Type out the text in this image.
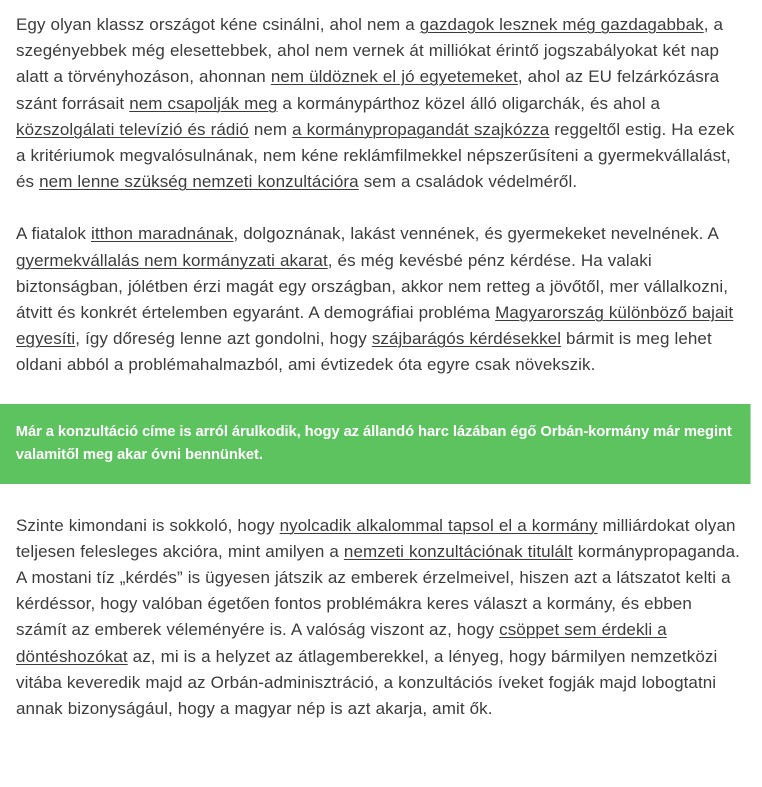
Egy olyan klassz országot kéne csinálni, ahol nem a gazdagok lesznek még gazdagabbak, a szegényebbek még elesettebbek, ahol nem vernek át milliókat érintő jogszabályokat két nap alatt a törvényhozáson, ahonnan nem üldöznek el jó egyetemeket, ahol az EU felzárkózásra szánt forrásait nem csapolják meg a kormánypárthoz közel álló oligarchák, és ahol a közszolgálati televízió és rádió nem a kormánypropagandát szajkózza reggeltől estig. Ha ezek a kritériumok megvalósulnának, nem kéne reklámfilmekkel népszerűsíteni a gyermekvállalást, és nem lenne szükség nemzeti konzultációra sem a családok védelméről.

A fiatalok itthon maradnának, dolgoznának, lakást vennének, és gyermekeket nevelnének. A gyermekvállalás nem kormányzati akarat, és még kevésbé pénz kérdése. Ha valaki biztonságban, jólétben érzi magát egy országban, akkor nem retteg a jövőtől, mer vállalkozni, átvitt és konkrét értelemben egyaránt. A demográfiai probléma Magyarország különböző bajait egyesíti, így dőreség lenne azt gondolni, hogy szájbarágós kérdésekkel bármit is meg lehet oldani abból a problémahalmazból, ami évtizedek óta egyre csak növekszik.

Már a konzultáció címe is arról árulkodik, hogy az állandó harc lázában égő Orbán-kormány már megint valamitől meg akar óvni bennünket.

Szinte kimondani is sokkoló, hogy nyolcadik alkalommal tapsol el a kormány milliárdokat olyan teljesen felesleges akcióra, mint amilyen a nemzeti konzultációnak titulált kormánypropaganda. A mostani tíz „kérdés” is ügyesen játszik az emberek érzelmeivel, hiszen azt a látszatot kelti a kérdéssor, hogy valóban égetően fontos problémákra keres választ a kormány, és ebben számít az emberek véleményére is. A valóság viszont az, hogy csöppet sem érdekli a döntéshozókat az, mi is a helyzet az átlagemberekkel, a lényeg, hogy bármilyen nemzetközi vitába keveredik majd az Orbán-adminisztráció, a konzultációs íveket fogják majd lobogtatni annak bizonyságául, hogy a magyar nép is azt akarja, amit ők.
